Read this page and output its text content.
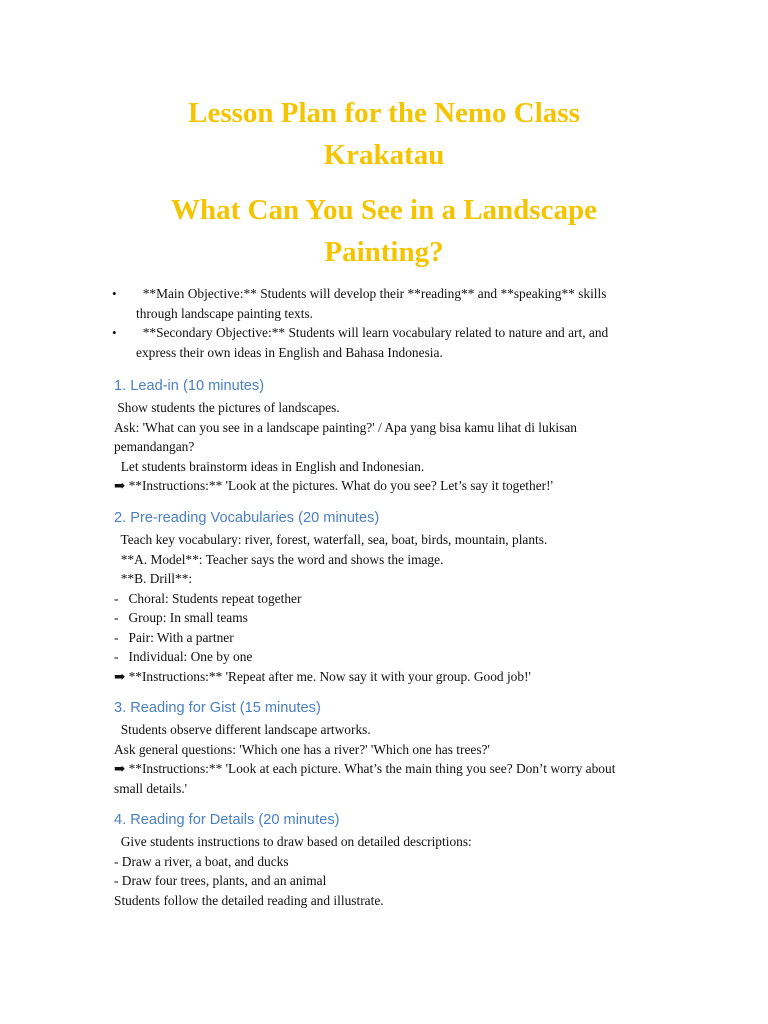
Lesson Plan for the Nemo Class
Krakatau
What Can You See in a Landscape
Painting?
• **Main Objective:** Students will develop their **reading** and **speaking** skills
through landscape painting texts.
• **Secondary Objective:** Students will learn vocabulary related to nature and art, and
express their own ideas in English and Bahasa Indonesia.
1. Lead-in (10 minutes)
Show students the pictures of landscapes.
Ask: 'What can you see in a landscape painting?' / Apa yang bisa kamu lihat di lukisan
pemandangan?
Let students brainstorm ideas in English and Indonesian.
➡ **Instructions:** 'Look at the pictures. What do you see? Let’s say it together!'
2. Pre-reading Vocabularies (20 minutes)
Teach key vocabulary: river, forest, waterfall, sea, boat, birds, mountain, plants.
**A. Model**: Teacher says the word and shows the image.
**B. Drill**:
-   Choral: Students repeat together
-   Group: In small teams
-   Pair: With a partner
-   Individual: One by one
➡ **Instructions:** 'Repeat after me. Now say it with your group. Good job!'
3. Reading for Gist (15 minutes)
Students observe different landscape artworks.
Ask general questions: 'Which one has a river?' 'Which one has trees?'
➡ **Instructions:** 'Look at each picture. What’s the main thing you see? Don’t worry about
small details.'
4. Reading for Details (20 minutes)
Give students instructions to draw based on detailed descriptions:
- Draw a river, a boat, and ducks
- Draw four trees, plants, and an animal
Students follow the detailed reading and illustrate.
